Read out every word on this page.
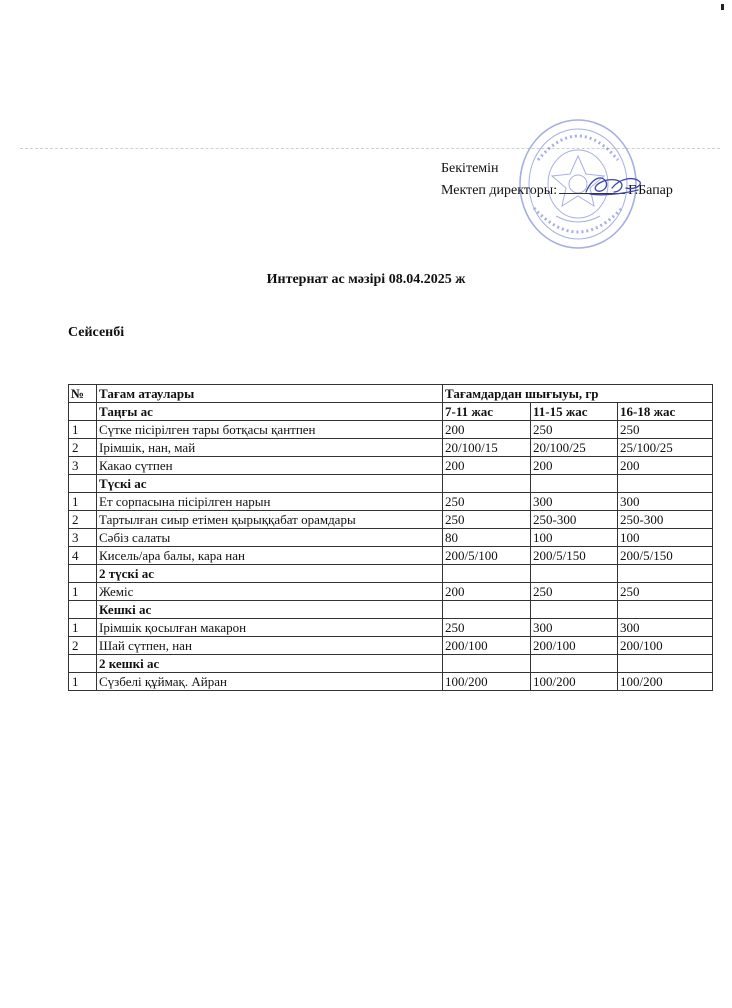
Бекітемін
Мектеп директоры:	Г.Бапар
Интернат ас мәзірі 08.04.2025 ж
Сейсенбі
№	Тағам атаулары	Тағамдардан шығыуы, гр		
	Таңғы ас	7-11 жас	11-15 жас	16-18 жас
1	Сүтке пісірілген тары ботқасы қантпен	200	250	250
2	Ірімшік, нан, май	20/100/15	20/100/25	25/100/25
3	Какао сүтпен	200	200	200
	Түскі ас			
1	Ет сорпасына пісірілген нарын	250	300	300
2	Тартылған сиыр етімен қырыққабат орамдары	250	250-300	250-300
3	Сәбіз салаты	80	100	100
4	Кисель/ара балы, кара нан	200/5/100	200/5/150	200/5/150
	2 түскі ас			
1	Жеміс	200	250	250
	Кешкі ас			
1	Ірімшік қосылған макарон	250	300	300
2	Шай сүтпен, нан	200/100	200/100	200/100
	2 кешкі ас			
1	Сүзбелі құймақ. Айран	100/200	100/200	100/200
